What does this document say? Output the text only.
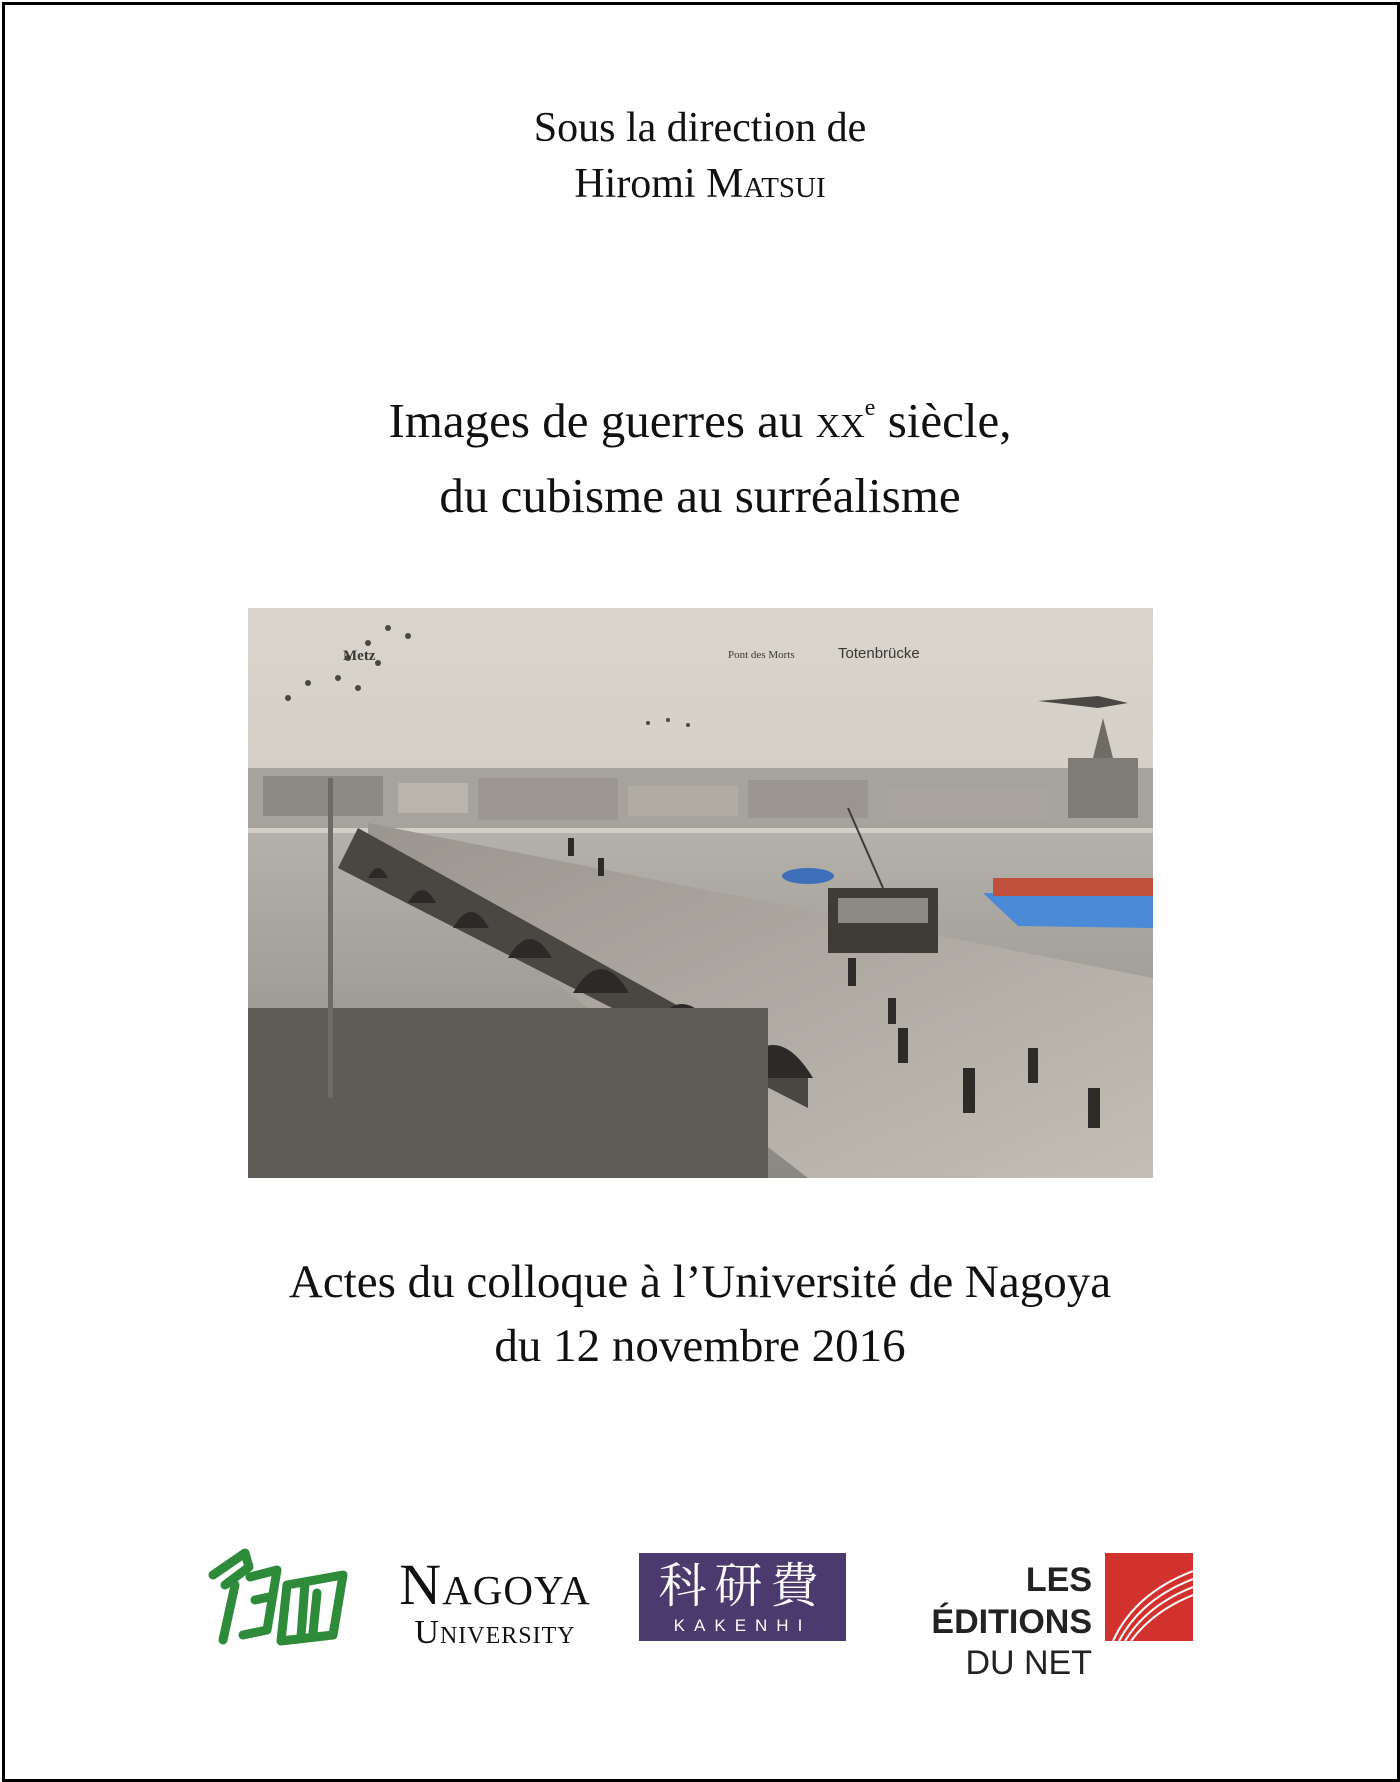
Sous la direction de
Hiromi Matsui
Images de guerres au $xx^e$ siècle,
du cubisme au surréalisme
Metz	Pont des Morts	Totenbrücke
Actes du colloque à l’Université de Nagoya
du 12 novembre 2016
Nagoya
University
科研費
KAKENHI
LES ÉDITIONS
DU NET
